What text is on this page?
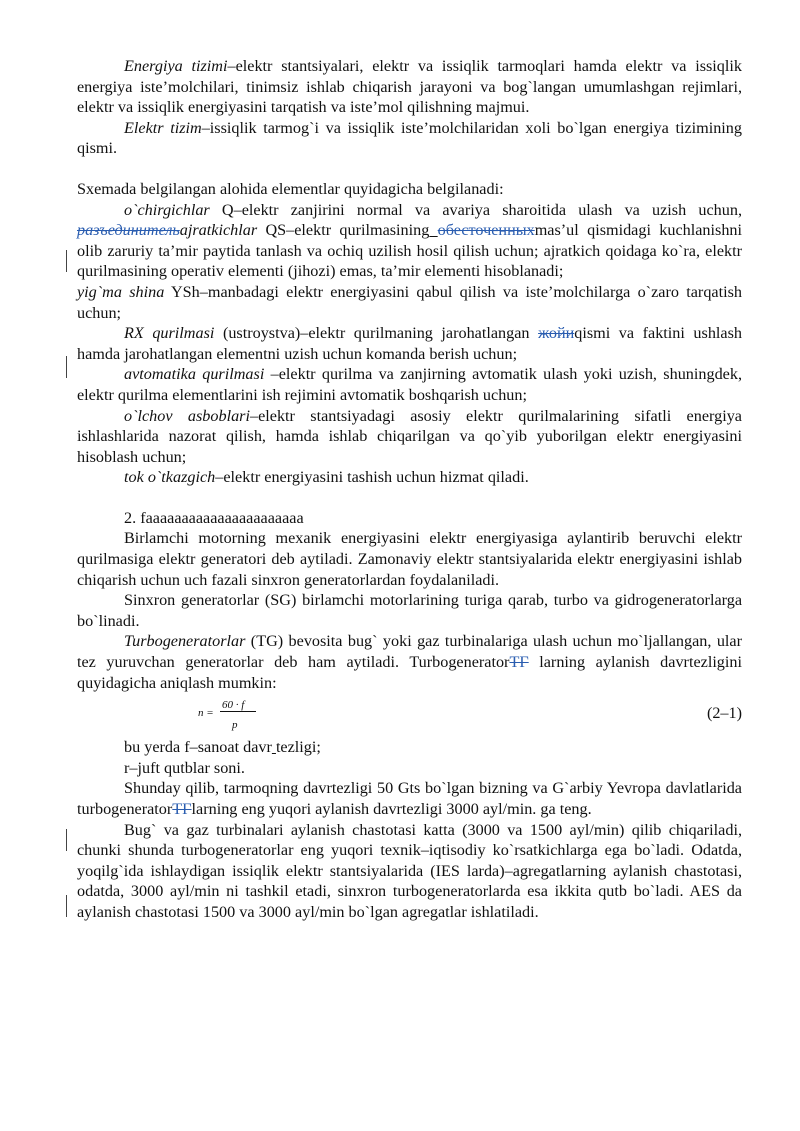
Energiya tizimi–elektr stantsiyalari, elektr va issiqlik tarmoqlari hamda elektr va issiqlik energiya iste’molchilari, tinimsiz ishlab chiqarish jarayoni va bog`langan umumlashgan rejimlari, elektr va issiqlik energiyasini tarqatish va iste’mol qilishning majmui.

Elektr tizim–issiqlik tarmog`i va issiqlik iste’molchilaridan xoli bo`lgan energiya tizimining qismi.

Sxemada belgilangan alohida elementlar quyidagicha belgilanadi:

o`chirgichlar Q–elektr zanjirini normal va avariya sharoitida ulash va uzish uchun, разъединительajratkichlar QS–elektr qurilmasining обесточенныхmas’ul qismidagi kuchlanishni olib zaruriy ta’mir paytida tanlash va ochiq uzilish hosil qilish uchun; ajratkich qoidaga ko`ra, elektr qurilmasining operativ elementi (jihozi) emas, ta’mir elementi hisoblanadi;

yig`ma shina YSh–manbadagi elektr energiyasini qabul qilish va iste’molchilarga o`zaro tarqatish uchun;

RX qurilmasi (ustroystva)–elektr qurilmaning jarohatlangan жойиqismi va faktini ushlash hamda jarohatlangan elementni uzish uchun komanda berish uchun;

avtomatika qurilmasi –elektr qurilma va zanjirning avtomatik ulash yoki uzish, shuningdek, elektr qurilma elementlarini ish rejimini avtomatik boshqarish uchun;

o`lchov asboblari–elektr stantsiyadagi asosiy elektr qurilmalarining sifatli energiya ishlashlarida nazorat qilish, hamda ishlab chiqarilgan va qo`yib yuborilgan elektr energiyasini hisoblash uchun;

tok o`tkazgich–elektr energiyasini tashish uchun hizmat qiladi.

2. faaaaaaaaaaaaaaaaaaaaaa

Birlamchi motorning mexanik energiyasini elektr energiyasiga aylantirib beruvchi elektr qurilmasiga elektr generatori deb aytiladi. Zamonaviy elektr stantsiyalarida elektr energiyasini ishlab chiqarish uchun uch fazali sinxron generatorlardan foydalaniladi.

Sinxron generatorlar (SG) birlamchi motorlarining turiga qarab, turbo va gidrogeneratorlarga bo`linadi.

Turbogeneratorlar (TG) bevosita bug` yoki gaz turbinalariga ulash uchun mo`ljallangan, ular tez yuruvchan generatorlar deb ham aytiladi. TurbogeneratorТГ larning aylanish davrtezligini quyidagicha aniqlash mumkin:

n =
60 · f
p
(2–1)

bu yerda f–sanoat davr tezligi;

r–juft qutblar soni.

Shunday qilib, tarmoqning davrtezligi 50 Gts bo`lgan bizning va G`arbiy Yevropa davlatlarida turbogeneratorТГlarning eng yuqori aylanish davrtezligi 3000 ayl/min. ga teng.

Bug` va gaz turbinalari aylanish chastotasi katta (3000 va 1500 ayl/min) qilib chiqariladi, chunki shunda turbogeneratorlar eng yuqori texnik–iqtisodiy ko`rsatkichlarga ega bo`ladi. Odatda, yoqilg`ida ishlaydigan issiqlik elektr stantsiyalarida (IES larda)–agregatlarning aylanish chastotasi, odatda, 3000 ayl/min ni tashkil etadi, sinxron turbogeneratorlarda esa ikkita qutb bo`ladi. AES da aylanish chastotasi 1500 va 3000 ayl/min bo`lgan agregatlar ishlatiladi.
